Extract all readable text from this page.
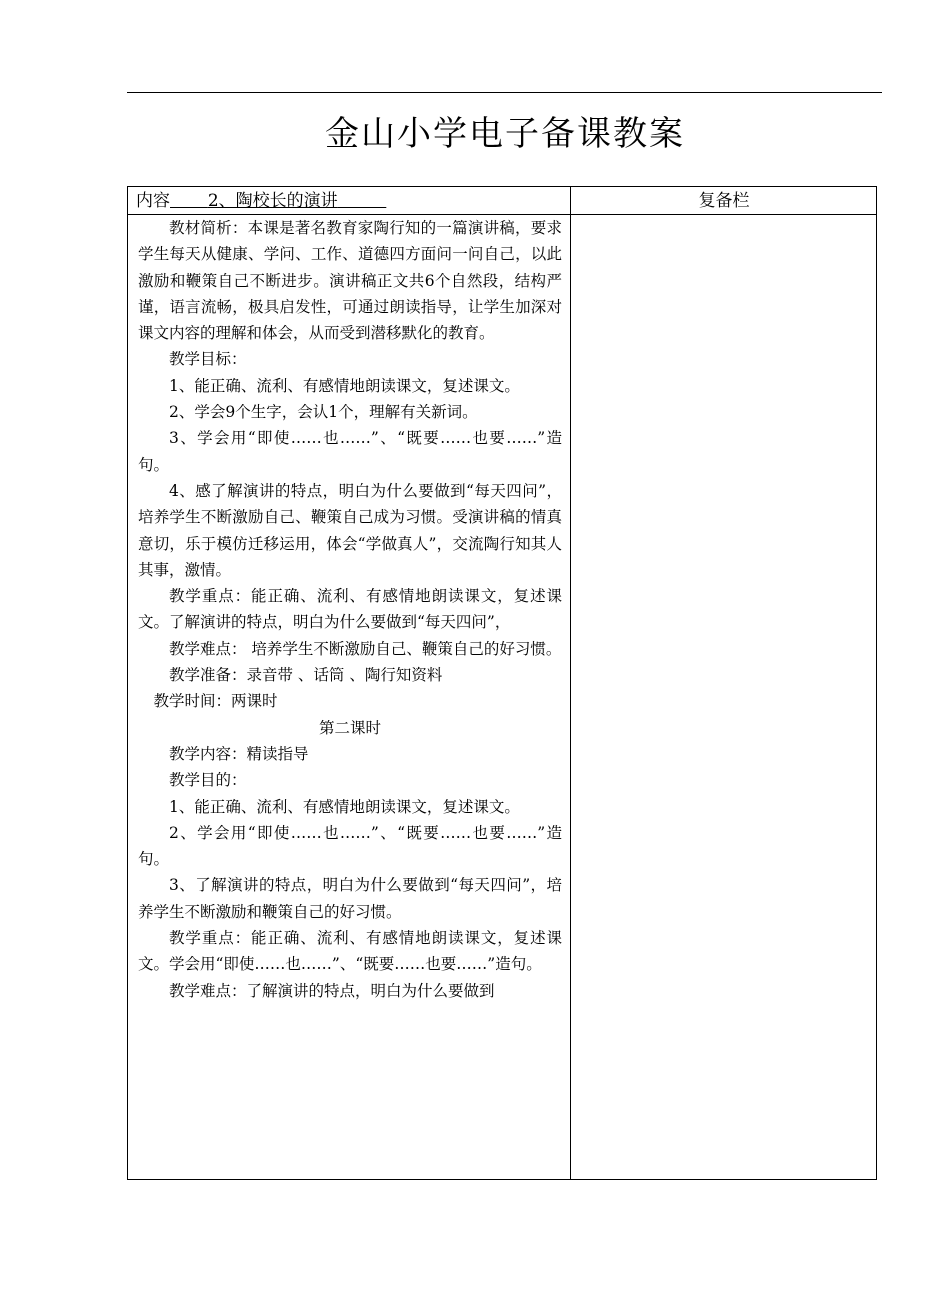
金山小学电子备课教案
内容 2、陶校长的演讲	复备栏

教材简析：本课是著名教育家陶行知的一篇演讲稿，要求学生每天从健康、学问、工作、道德四方面问一问自己，以此激励和鞭策自己不断进步。演讲稿正文共6个自然段，结构严谨，语言流畅，极具启发性，可通过朗读指导，让学生加深对课文内容的理解和体会，从而受到潜移默化的教育。

教学目标：

1、能正确、流利、有感情地朗读课文，复述课文。

2、学会9个生字，会认1个，理解有关新词。

3、学会用“即使……也……”、“既要……也要……”造句。

4、感了解演讲的特点，明白为什么要做到“每天四问”，培养学生不断激励自己、鞭策自己成为习惯。受演讲稿的情真意切，乐于模仿迁移运用，体会“学做真人”，交流陶行知其人其事，激情。

教学重点：能正确、流利、有感情地朗读课文，复述课文。了解演讲的特点，明白为什么要做到“每天四问”，

教学难点： 培养学生不断激励自己、鞭策自己的好习惯。

教学准备：录音带 、话筒 、陶行知资料

教学时间：两课时

第二课时

教学内容：精读指导

教学目的：

1、能正确、流利、有感情地朗读课文，复述课文。

2、学会用“即使……也……”、“既要……也要……”造句。

3、了解演讲的特点，明白为什么要做到“每天四问”，培养学生不断激励和鞭策自己的好习惯。

教学重点：能正确、流利、有感情地朗读课文，复述课文。学会用“即使……也……”、“既要……也要……”造句。

教学难点：了解演讲的特点，明白为什么要做到
